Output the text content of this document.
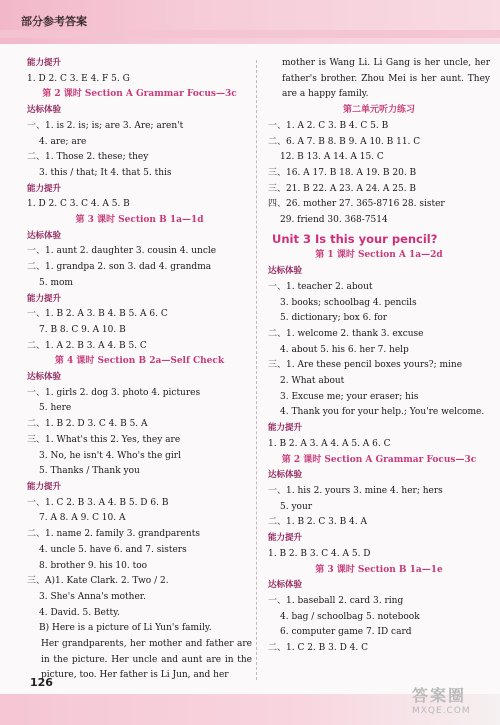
部分参考答案
能力提升
1. D 2. C 3. E 4. F 5. G
第 2 课时 Section A Grammar Focus—3c
达标体验
一、1. is 2. is; is; are 3. Are; aren't
4. are; are
二、1. Those 2. these; they
3. this / that; It 4. that 5. this
能力提升
1. D 2. C 3. C 4. A 5. B
第 3 课时 Section B 1a—1d
达标体验
一、1. aunt 2. daughter 3. cousin 4. uncle
二、1. grandpa 2. son 3. dad 4. grandma
5. mom
能力提升
一、1. B 2. A 3. B 4. B 5. A 6. C
7. B 8. C 9. A 10. B
二、1. A 2. B 3. A 4. B 5. C
第 4 课时 Section B 2a—Self Check
达标体验
一、1. girls 2. dog 3. photo 4. pictures
5. here
二、1. B 2. D 3. C 4. B 5. A
三、1. What's this 2. Yes, they are
3. No, he isn't 4. Who's the girl
5. Thanks / Thank you
能力提升
一、1. C 2. B 3. A 4. B 5. D 6. B
7. A 8. A 9. C 10. A
二、1. name 2. family 3. grandparents
4. uncle 5. have 6. and 7. sisters
8. brother 9. his 10. too
三、A)1. Kate Clark. 2. Two / 2.
3. She's Anna's mother.
4. David. 5. Betty.
B) Here is a picture of Li Yun's family.
Her grandparents, her mother and father are in the picture. Her uncle and aunt are in the picture, too. Her father is Li Jun, and her
mother is Wang Li. Li Gang is her uncle, her father's brother. Zhou Mei is her aunt. They are a happy family.
第二单元听力练习
一、1. A 2. C 3. B 4. C 5. B
二、6. A 7. B 8. B 9. A 10. B 11. C
12. B 13. A 14. A 15. C
三、16. A 17. B 18. A 19. B 20. B
三、21. B 22. A 23. A 24. A 25. B
四、26. mother 27. 365-8716 28. sister
29. friend 30. 368-7514
Unit 3 Is this your pencil?
第 1 课时 Section A 1a—2d
达标体验
一、1. teacher 2. about
3. books; schoolbag 4. pencils
5. dictionary; box 6. for
二、1. welcome 2. thank 3. excuse
4. about 5. his 6. her 7. help
三、1. Are these pencil boxes yours?; mine
2. What about
3. Excuse me; your eraser; his
4. Thank you for your help.; You're welcome.
能力提升
1. B 2. A 3. A 4. A 5. A 6. C
第 2 课时 Section A Grammar Focus—3c
达标体验
一、1. his 2. yours 3. mine 4. her; hers
5. your
二、1. B 2. C 3. B 4. A
能力提升
1. B 2. B 3. C 4. A 5. D
第 3 课时 Section B 1a—1e
达标体验
一、1. baseball 2. card 3. ring
4. bag / schoolbag 5. notebook
6. computer game 7. ID card
二、1. C 2. B 3. D 4. C
126
答案圈
MXQE.COM
